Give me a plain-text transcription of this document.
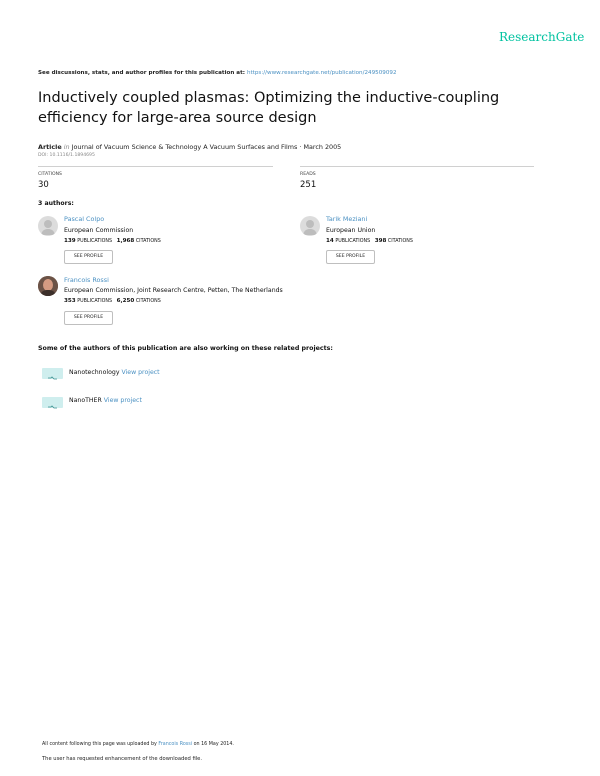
ResearchGate
See discussions, stats, and author profiles for this publication at: https://www.researchgate.net/publication/249509092
Inductively coupled plasmas: Optimizing the inductive-coupling efficiency for large-area source design
Article in Journal of Vacuum Science & Technology A Vacuum Surfaces and Films · March 2005
DOI: 10.1116/1.1894695
CITATIONS
30
READS
251
3 authors:
Pascal Colpo
European Commission
139 PUBLICATIONS 1,968 CITATIONS
SEE PROFILE
Tarik Meziani
European Union
14 PUBLICATIONS 398 CITATIONS
SEE PROFILE
Francois Rossi
European Commission, Joint Research Centre, Petten, The Netherlands
353 PUBLICATIONS 6,250 CITATIONS
SEE PROFILE
Some of the authors of this publication are also working on these related projects:
Nanotechnology View project
NanoTHER View project
All content following this page was uploaded by Francois Rossi on 16 May 2014.
The user has requested enhancement of the downloaded file.
